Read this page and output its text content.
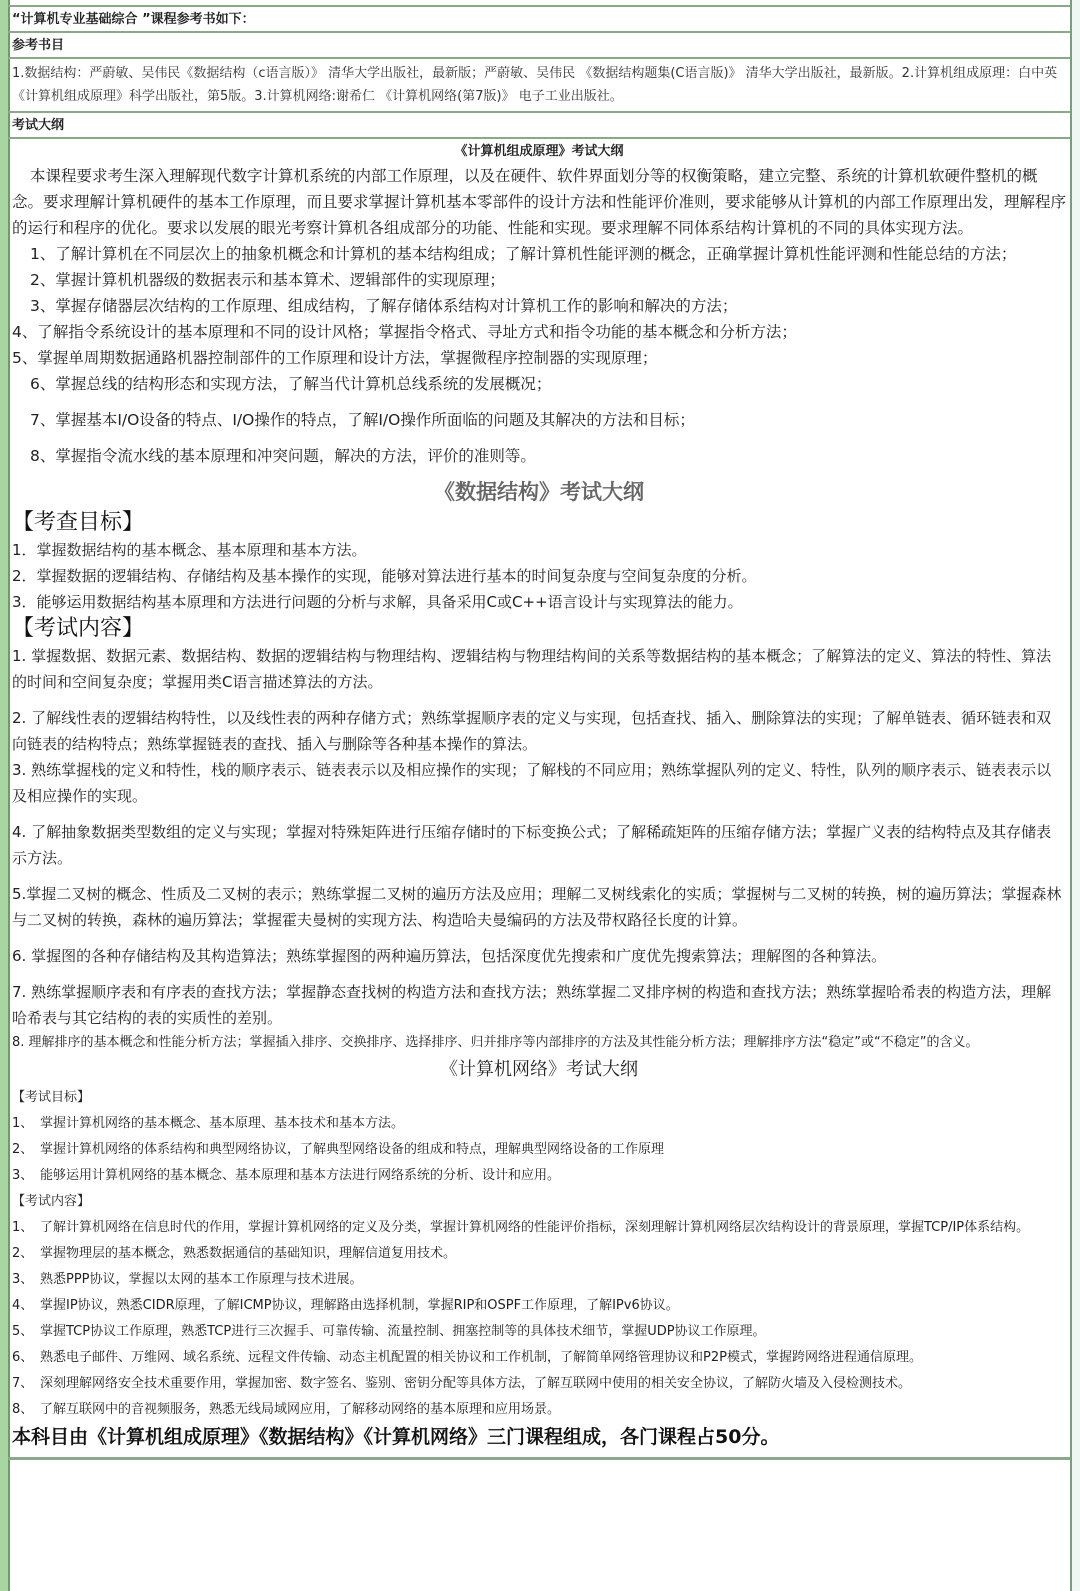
“计算机专业基础综合 ”课程参考书如下：
参考书目
1.数据结构：严蔚敏、吴伟民《数据结构（c语言版）》 清华大学出版社，最新版；严蔚敏、吴伟民 《数据结构题集(C语言版)》 清华大学出版社，最新版。2.计算机组成原理：白中英 《计算机组成原理》科学出版社，第5版。3.计算机网络:谢希仁 《计算机网络(第7版)》 电子工业出版社。
考试大纲
《计算机组成原理》考试大纲
本课程要求考生深入理解现代数字计算机系统的内部工作原理，以及在硬件、软件界面划分等的权衡策略，建立完整、系统的计算机软硬件整机的概念。要求理解计算机硬件的基本工作原理，而且要求掌握计算机基本零部件的设计方法和性能评价准则，要求能够从计算机的内部工作原理出发，理解程序的运行和程序的优化。要求以发展的眼光考察计算机各组成部分的功能、性能和实现。要求理解不同体系结构计算机的不同的具体实现方法。
1、了解计算机在不同层次上的抽象机概念和计算机的基本结构组成；了解计算机性能评测的概念，正确掌握计算机性能评测和性能总结的方法；
2、掌握计算机机器级的数据表示和基本算术、逻辑部件的实现原理；
3、掌握存储器层次结构的工作原理、组成结构，了解存储体系结构对计算机工作的影响和解决的方法；
4、了解指令系统设计的基本原理和不同的设计风格；掌握指令格式、寻址方式和指令功能的基本概念和分析方法；
5、掌握单周期数据通路机器控制部件的工作原理和设计方法，掌握微程序控制器的实现原理；
6、掌握总线的结构形态和实现方法，了解当代计算机总线系统的发展概况；
7、掌握基本I/O设备的特点、I/O操作的特点，了解I/O操作所面临的问题及其解决的方法和目标；
8、掌握指令流水线的基本原理和冲突问题，解决的方法，评价的准则等。
《数据结构》考试大纲
【考查目标】
1．掌握数据结构的基本概念、基本原理和基本方法。
2．掌握数据的逻辑结构、存储结构及基本操作的实现，能够对算法进行基本的时间复杂度与空间复杂度的分析。
3．能够运用数据结构基本原理和方法进行问题的分析与求解，具备采用C或C++语言设计与实现算法的能力。
【考试内容】
1. 掌握数据、数据元素、数据结构、数据的逻辑结构与物理结构、逻辑结构与物理结构间的关系等数据结构的基本概念；了解算法的定义、算法的特性、算法的时间和空间复杂度；掌握用类C语言描述算法的方法。
2. 了解线性表的逻辑结构特性，以及线性表的两种存储方式；熟练掌握顺序表的定义与实现，包括查找、插入、删除算法的实现；了解单链表、循环链表和双向链表的结构特点；熟练掌握链表的查找、插入与删除等各种基本操作的算法。
3. 熟练掌握栈的定义和特性，栈的顺序表示、链表表示以及相应操作的实现；了解栈的不同应用；熟练掌握队列的定义、特性，队列的顺序表示、链表表示以及相应操作的实现。
4. 了解抽象数据类型数组的定义与实现；掌握对特殊矩阵进行压缩存储时的下标变换公式；了解稀疏矩阵的压缩存储方法；掌握广义表的结构特点及其存储表示方法。
5.掌握二叉树的概念、性质及二叉树的表示；熟练掌握二叉树的遍历方法及应用；理解二叉树线索化的实质；掌握树与二叉树的转换，树的遍历算法；掌握森林与二叉树的转换，森林的遍历算法；掌握霍夫曼树的实现方法、构造哈夫曼编码的方法及带权路径长度的计算。
6. 掌握图的各种存储结构及其构造算法；熟练掌握图的两种遍历算法，包括深度优先搜索和广度优先搜索算法；理解图的各种算法。
7. 熟练掌握顺序表和有序表的查找方法；掌握静态查找树的构造方法和查找方法；熟练掌握二叉排序树的构造和查找方法；熟练掌握哈希表的构造方法，理解哈希表与其它结构的表的实质性的差别。
8. 理解排序的基本概念和性能分析方法；掌握插入排序、交换排序、选择排序、归并排序等内部排序的方法及其性能分析方法；理解排序方法“稳定”或“不稳定”的含义。
《计算机网络》考试大纲
【考试目标】
1、 掌握计算机网络的基本概念、基本原理、基本技术和基本方法。
2、 掌握计算机网络的体系结构和典型网络协议，了解典型网络设备的组成和特点，理解典型网络设备的工作原理
3、 能够运用计算机网络的基本概念、基本原理和基本方法进行网络系统的分析、设计和应用。
【考试内容】
1、 了解计算机网络在信息时代的作用，掌握计算机网络的定义及分类，掌握计算机网络的性能评价指标，深刻理解计算机网络层次结构设计的背景原理，掌握TCP/IP体系结构。
2、 掌握物理层的基本概念，熟悉数据通信的基础知识，理解信道复用技术。
3、 熟悉PPP协议，掌握以太网的基本工作原理与技术进展。
4、 掌握IP协议，熟悉CIDR原理，了解ICMP协议，理解路由选择机制，掌握RIP和OSPF工作原理，了解IPv6协议。
5、 掌握TCP协议工作原理，熟悉TCP进行三次握手、可靠传输、流量控制、拥塞控制等的具体技术细节，掌握UDP协议工作原理。
6、 熟悉电子邮件、万维网、域名系统、远程文件传输、动态主机配置的相关协议和工作机制，了解简单网络管理协议和P2P模式，掌握跨网络进程通信原理。
7、 深刻理解网络安全技术重要作用，掌握加密、数字签名、鉴别、密钥分配等具体方法，了解互联网中使用的相关安全协议，了解防火墙及入侵检测技术。
8、 了解互联网中的音视频服务，熟悉无线局域网应用，了解移动网络的基本原理和应用场景。
本科目由《计算机组成原理》《数据结构》《计算机网络》三门课程组成，各门课程占50分。
